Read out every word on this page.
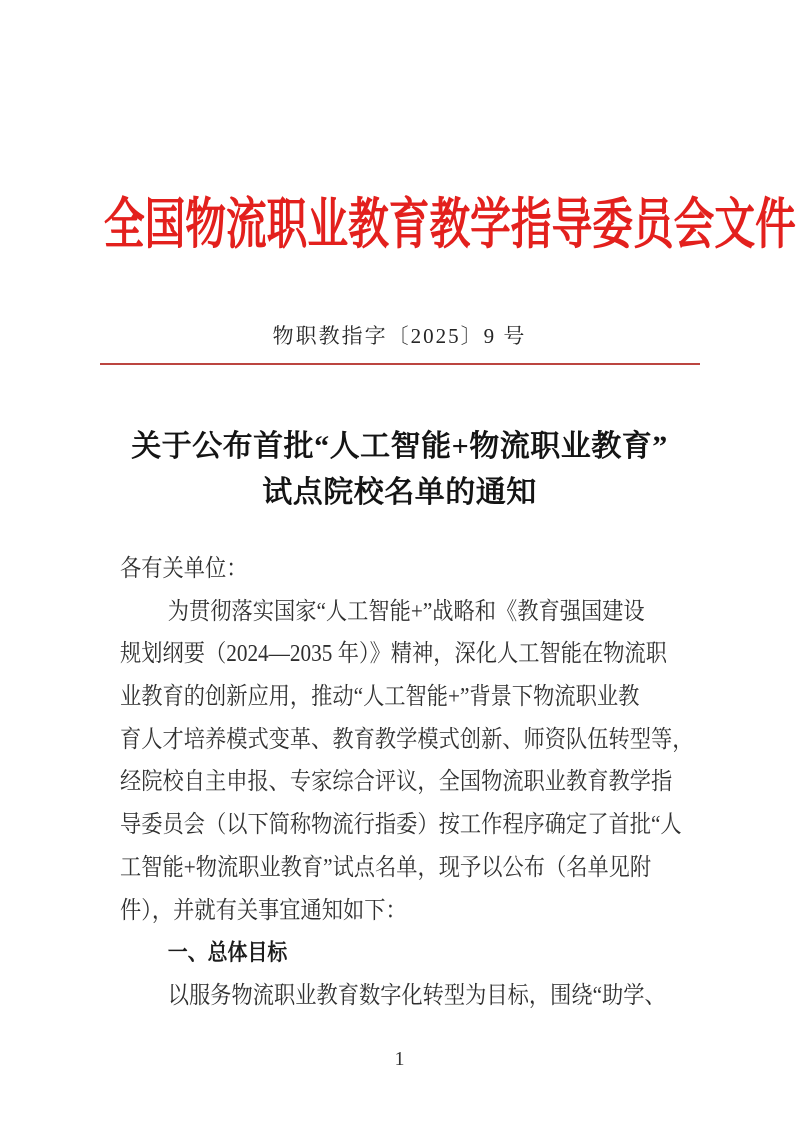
全国物流职业教育教学指导委员会文件
物职教指字〔2025〕9 号
关于公布首批“人工智能+物流职业教育”
试点院校名单的通知
各有关单位：
为贯彻落实国家“人工智能+”战略和《教育强国建设
规划纲要（2024—2035 年）》精神，深化人工智能在物流职
业教育的创新应用，推动“人工智能+”背景下物流职业教
育人才培养模式变革、教育教学模式创新、师资队伍转型等，
经院校自主申报、专家综合评议，全国物流职业教育教学指
导委员会（以下简称物流行指委）按工作程序确定了首批“人
工智能+物流职业教育”试点名单，现予以公布（名单见附
件），并就有关事宜通知如下：
一、总体目标
以服务物流职业教育数字化转型为目标，围绕“助学、
1
